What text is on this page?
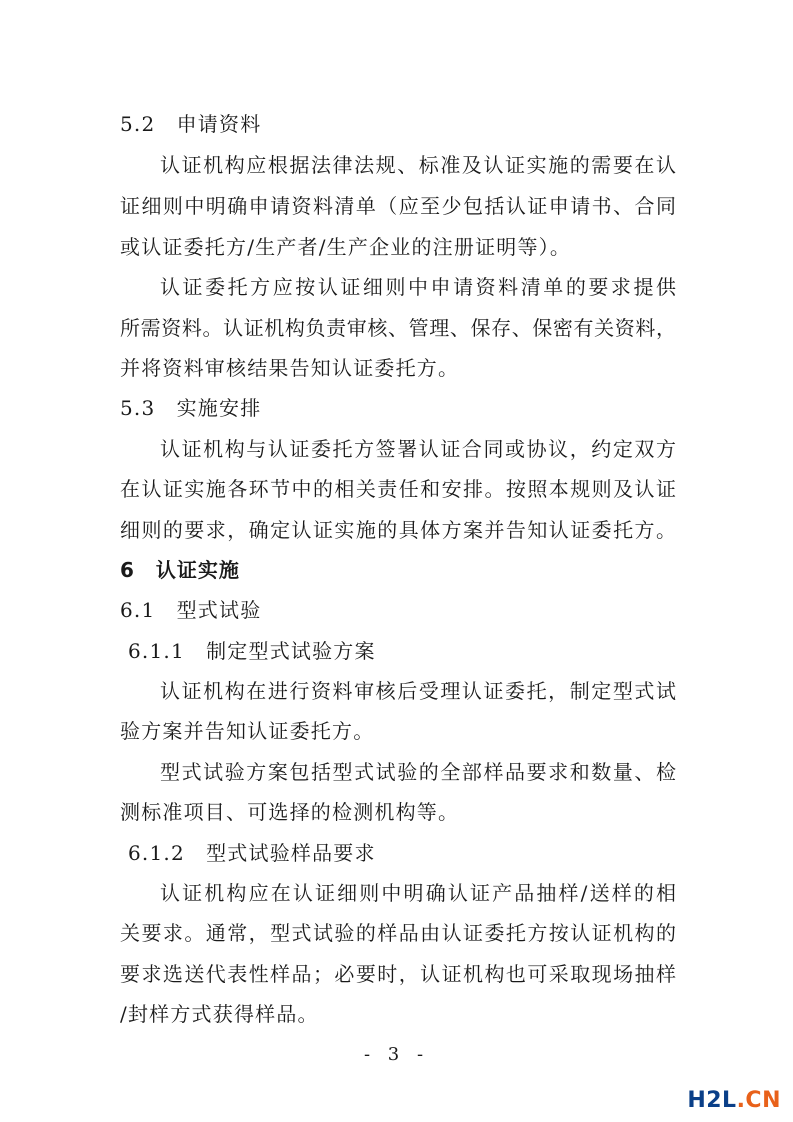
5.2　申请资料
认证机构应根据法律法规、标准及认证实施的需要在认
证细则中明确申请资料清单（应至少包括认证申请书、合同
或认证委托方/生产者/生产企业的注册证明等）。
认证委托方应按认证细则中申请资料清单的要求提供
所需资料。认证机构负责审核、管理、保存、保密有关资料，
并将资料审核结果告知认证委托方。
5.3　实施安排
认证机构与认证委托方签署认证合同或协议，约定双方
在认证实施各环节中的相关责任和安排。按照本规则及认证
细则的要求，确定认证实施的具体方案并告知认证委托方。
6　认证实施
6.1　型式试验
6.1.1　制定型式试验方案
认证机构在进行资料审核后受理认证委托，制定型式试
验方案并告知认证委托方。
型式试验方案包括型式试验的全部样品要求和数量、检
测标准项目、可选择的检测机构等。
6.1.2　型式试验样品要求
认证机构应在认证细则中明确认证产品抽样/送样的相
关要求。通常，型式试验的样品由认证委托方按认证机构的
要求选送代表性样品；必要时，认证机构也可采取现场抽样
/封样方式获得样品。
- 3 -
H2L.CN
